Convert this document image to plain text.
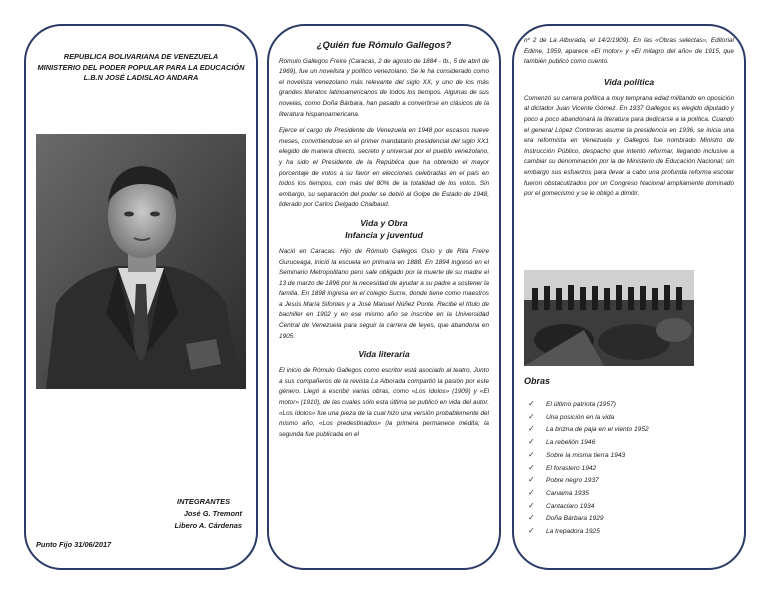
REPUBLICA BOLIVARIANA DE VENEZUELA
MINISTERIO DEL PODER POPULAR PARA LA EDUCACIÓN
L.B.N JOSÉ LADISLAO ANDARA
INTEGRANTES
José G. Tremont
Libero A. Cárdenas
Punto Fijo 31/06/2017
¿Quién fue Rómulo Gallegos?

Rómulo Gallegos Freire (Caracas, 2 de agosto de 1884 - Ib., 5 de abril de 1969), fue un novelista y político venezolano. Se le ha considerado como el novelista venezolano más relevante del siglo XX, y uno de los más grandes literatos latinoamericanos de todos los tiempos. Algunas de sus novelas, como Doña Bárbara, han pasado a convertirse en clásicos de la literatura hispanoamericana.

Ejerce el cargo de Presidente de Venezuela en 1948 por escasos nueve meses, convirtiéndose en el primer mandatario presidencial del siglo XX1 elegido de manera directo, secreto y universal por el pueblo venezolano, y ha sido el Presidente de la República que ha obtenido el mayor porcentaje de votos a su favor en elecciones celebradas en el país en todos los tiempos, con más del 80% de la totalidad de los votos. Sin embargo, su separación del poder se debió al Golpe de Estado de 1948, liderado por Carlos Delgado Chalbaud.

Vida y Obra
Infancia y juventud

Nació en Caracas. Hijo de Rómulo Gallegos Osío y de Rita Freire Guruceaga, inició la escuela en primaria en 1888. En 1894 ingresó en el Seminario Metropolitano pero sale obligado por la muerte de su madre el 13 de marzo de 1896 por la necesidad de ayudar a su padre a sostener la familia. En 1898 ingresa en el colegio Sucre, donde tiene como maestros a Jesús María Sifontes y a José Manuel Núñez Ponte. Recibe el título de bachiller en 1902 y en ese mismo año se inscribe en la Universidad Central de Venezuela para seguir la carrera de leyes, que abandona en 1905.

Vida literaria

El inicio de Rómulo Gallegos como escritor está asociado al teatro. Junto a sus compañeros de la revista La Alborada compartió la pasión por este género. Llegó a escribir varias obras, como «Los ídolos» (1909) y «El motor» (1910), de las cuales sólo esta última se publicó en vida del autor. «Los ídolos» fue una pieza de la cual hizo una versión probablemente del mismo año, «Los predestinados» (la primera permanece inédita; la segunda fue publicada en el

nº 2 de La Alborada, el 14/2/1909). En las «Obras selectas», Editorial Edime, 1959, aparece «El motor» y «El milagro del año» de 1915, que también publicó como cuento.

Vida política

Comenzó su carrera política a muy temprana edad militando en oposición al dictador Juan Vicente Gómez. En 1937 Gallegos es elegido diputado y poco a poco abandonará la literatura para dedicarse a la política. Cuando el general López Contreras asume la presidencia en 1936, se inicia una era reformista en Venezuela y Gallegos fue nombrado Ministro de Instrucción Público, despacho que intentó reformar, llegando inclusive a cambiar su denominación por la de Ministerio de Educación Nacional; sin embargo sus esfuerzos para llevar a cabo una profunda reforma escolar fueron obstaculizados por un Congreso Nacional ampliamente dominado por el gomecismo y se le obligó a dimitir.

Obras
✓ El último patriota (1957)
✓ Una posición en la vida
✓ La brizna de paja en el viento 1952
✓ La rebelión 1946
✓ Sobre la misma tierra 1943
✓ El forastero 1942
✓ Pobre negro 1937
✓ Canaima 1935
✓ Cantaclaro 1934
✓ Doña Bárbara 1929
✓ La trepadora 1925
